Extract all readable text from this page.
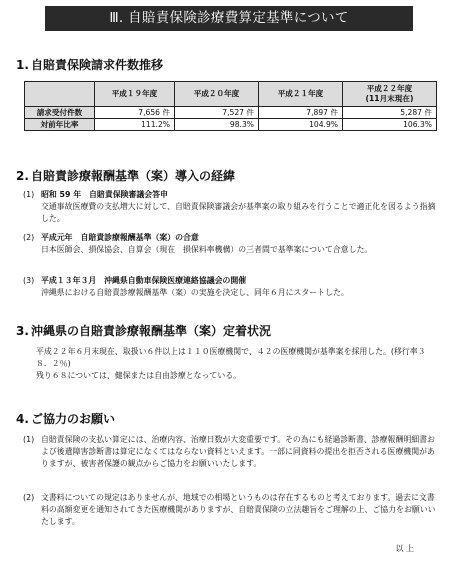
Ⅲ. 自賠責保険診療費算定基準について
1. 自賠責保険請求件数推移
	平成１９年度	平成２０年度	平成２１年度	平成２２年度
(11月末現在)
請求受付件数	7,656 件	7,527 件	7,897 件	5,287 件
対前年比率	111.2%	98.3%	104.9%	106.3%
2. 自賠責診療報酬基準（案）導入の経緯
(1) 昭和 59 年　自賠責保険審議会答申
交通事故医療費の支払増大に対して、自賠責保険審議会が基準案の取り組みを行うことで適正化を図るよう指摘した。
(2) 平成元年　自賠責診療報酬基準（案）の合意
日本医師会、損保協会、自算会（現在　損保料率機構）の三者間で基準案について合意した。
(3) 平成１３年３月　沖縄県自動車保険医療連絡協議会の開催
沖縄県における自賠責診療報酬基準（案）の実施を決定し、同年６月にスタートした。
3. 沖縄県の自賠責診療報酬基準（案）定着状況
平成２２年６月末現在、取扱い６件以上は１１０医療機関で、４２の医療機関が基準案を採用した。(移行率３８．２％)
残り６８については、健保または自由診療となっている。
4. ご協力のお願い
(1) 自賠責保険の支払い算定には、治療内容、治療日数が大変重要です。その為にも経過診断書、診療報酬明細書および後遺障害診断書は算定になくてはならない資料といえます。一部に同資料の提出を拒否される医療機関がありますが、被害者保護の観点からご協力をお願いいたします。
(2) 文書料についての規定はありませんが、地域での相場というものは存在するものと考えております。過去に文書料の高額変更を通知されてきた医療機関がありますが、自賠責保険の立法趣旨をご理解の上、ご協力をお願いいたします。
以 上
